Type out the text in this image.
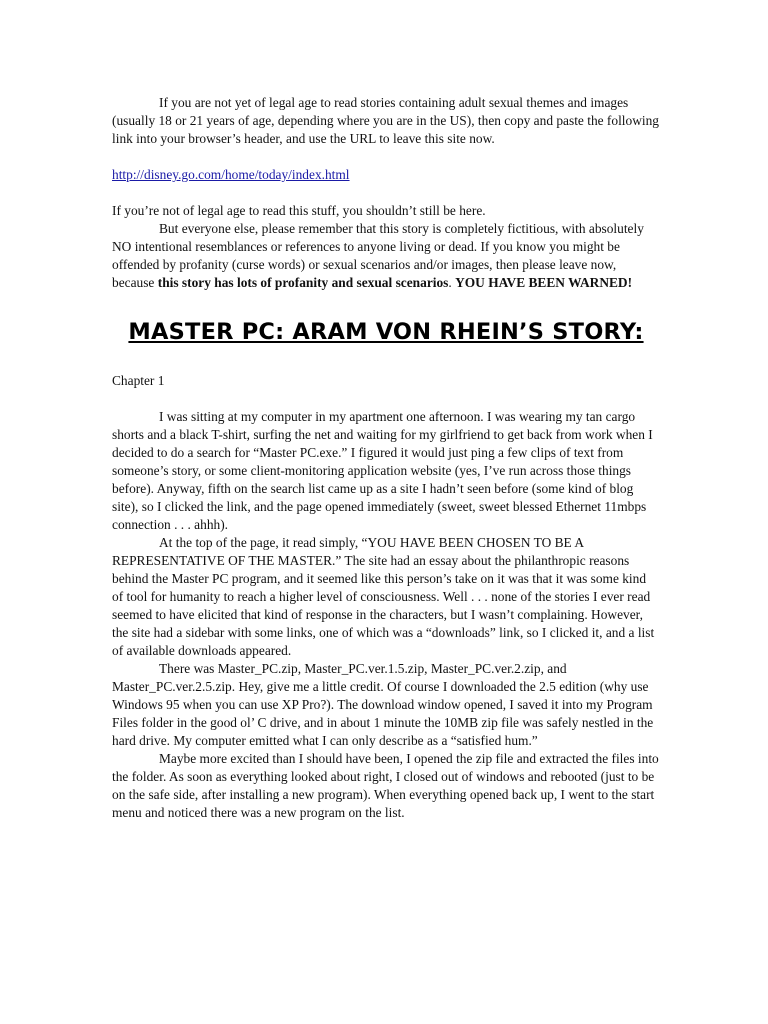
If you are not yet of legal age to read stories containing adult sexual themes and images (usually 18 or 21 years of age, depending where you are in the US), then copy and paste the following link into your browser’s header, and use the URL to leave this site now.

http://disney.go.com/home/today/index.html

If you’re not of legal age to read this stuff, you shouldn’t still be here.

But everyone else, please remember that this story is completely fictitious, with absolutely NO intentional resemblances or references to anyone living or dead. If you know you might be offended by profanity (curse words) or sexual scenarios and/or images, then please leave now, because this story has lots of profanity and sexual scenarios. YOU HAVE BEEN WARNED!

MASTER PC: ARAM VON RHEIN’S STORY:

Chapter 1

I was sitting at my computer in my apartment one afternoon. I was wearing my tan cargo shorts and a black T-shirt, surfing the net and waiting for my girlfriend to get back from work when I decided to do a search for “Master PC.exe.” I figured it would just ping a few clips of text from someone’s story, or some client-monitoring application website (yes, I’ve run across those things before). Anyway, fifth on the search list came up as a site I hadn’t seen before (some kind of blog site), so I clicked the link, and the page opened immediately (sweet, sweet blessed Ethernet 11mbps connection . . . ahhh).

At the top of the page, it read simply, “YOU HAVE BEEN CHOSEN TO BE A REPRESENTATIVE OF THE MASTER.” The site had an essay about the philanthropic reasons behind the Master PC program, and it seemed like this person’s take on it was that it was some kind of tool for humanity to reach a higher level of consciousness. Well . . . none of the stories I ever read seemed to have elicited that kind of response in the characters, but I wasn’t complaining. However, the site had a sidebar with some links, one of which was a “downloads” link, so I clicked it, and a list of available downloads appeared.

There was Master_PC.zip, Master_PC.ver.1.5.zip, Master_PC.ver.2.zip, and Master_PC.ver.2.5.zip. Hey, give me a little credit. Of course I downloaded the 2.5 edition (why use Windows 95 when you can use XP Pro?). The download window opened, I saved it into my Program Files folder in the good ol’ C drive, and in about 1 minute the 10MB zip file was safely nestled in the hard drive. My computer emitted what I can only describe as a “satisfied hum.”

Maybe more excited than I should have been, I opened the zip file and extracted the files into the folder. As soon as everything looked about right, I closed out of windows and rebooted (just to be on the safe side, after installing a new program). When everything opened back up, I went to the start menu and noticed there was a new program on the list.
